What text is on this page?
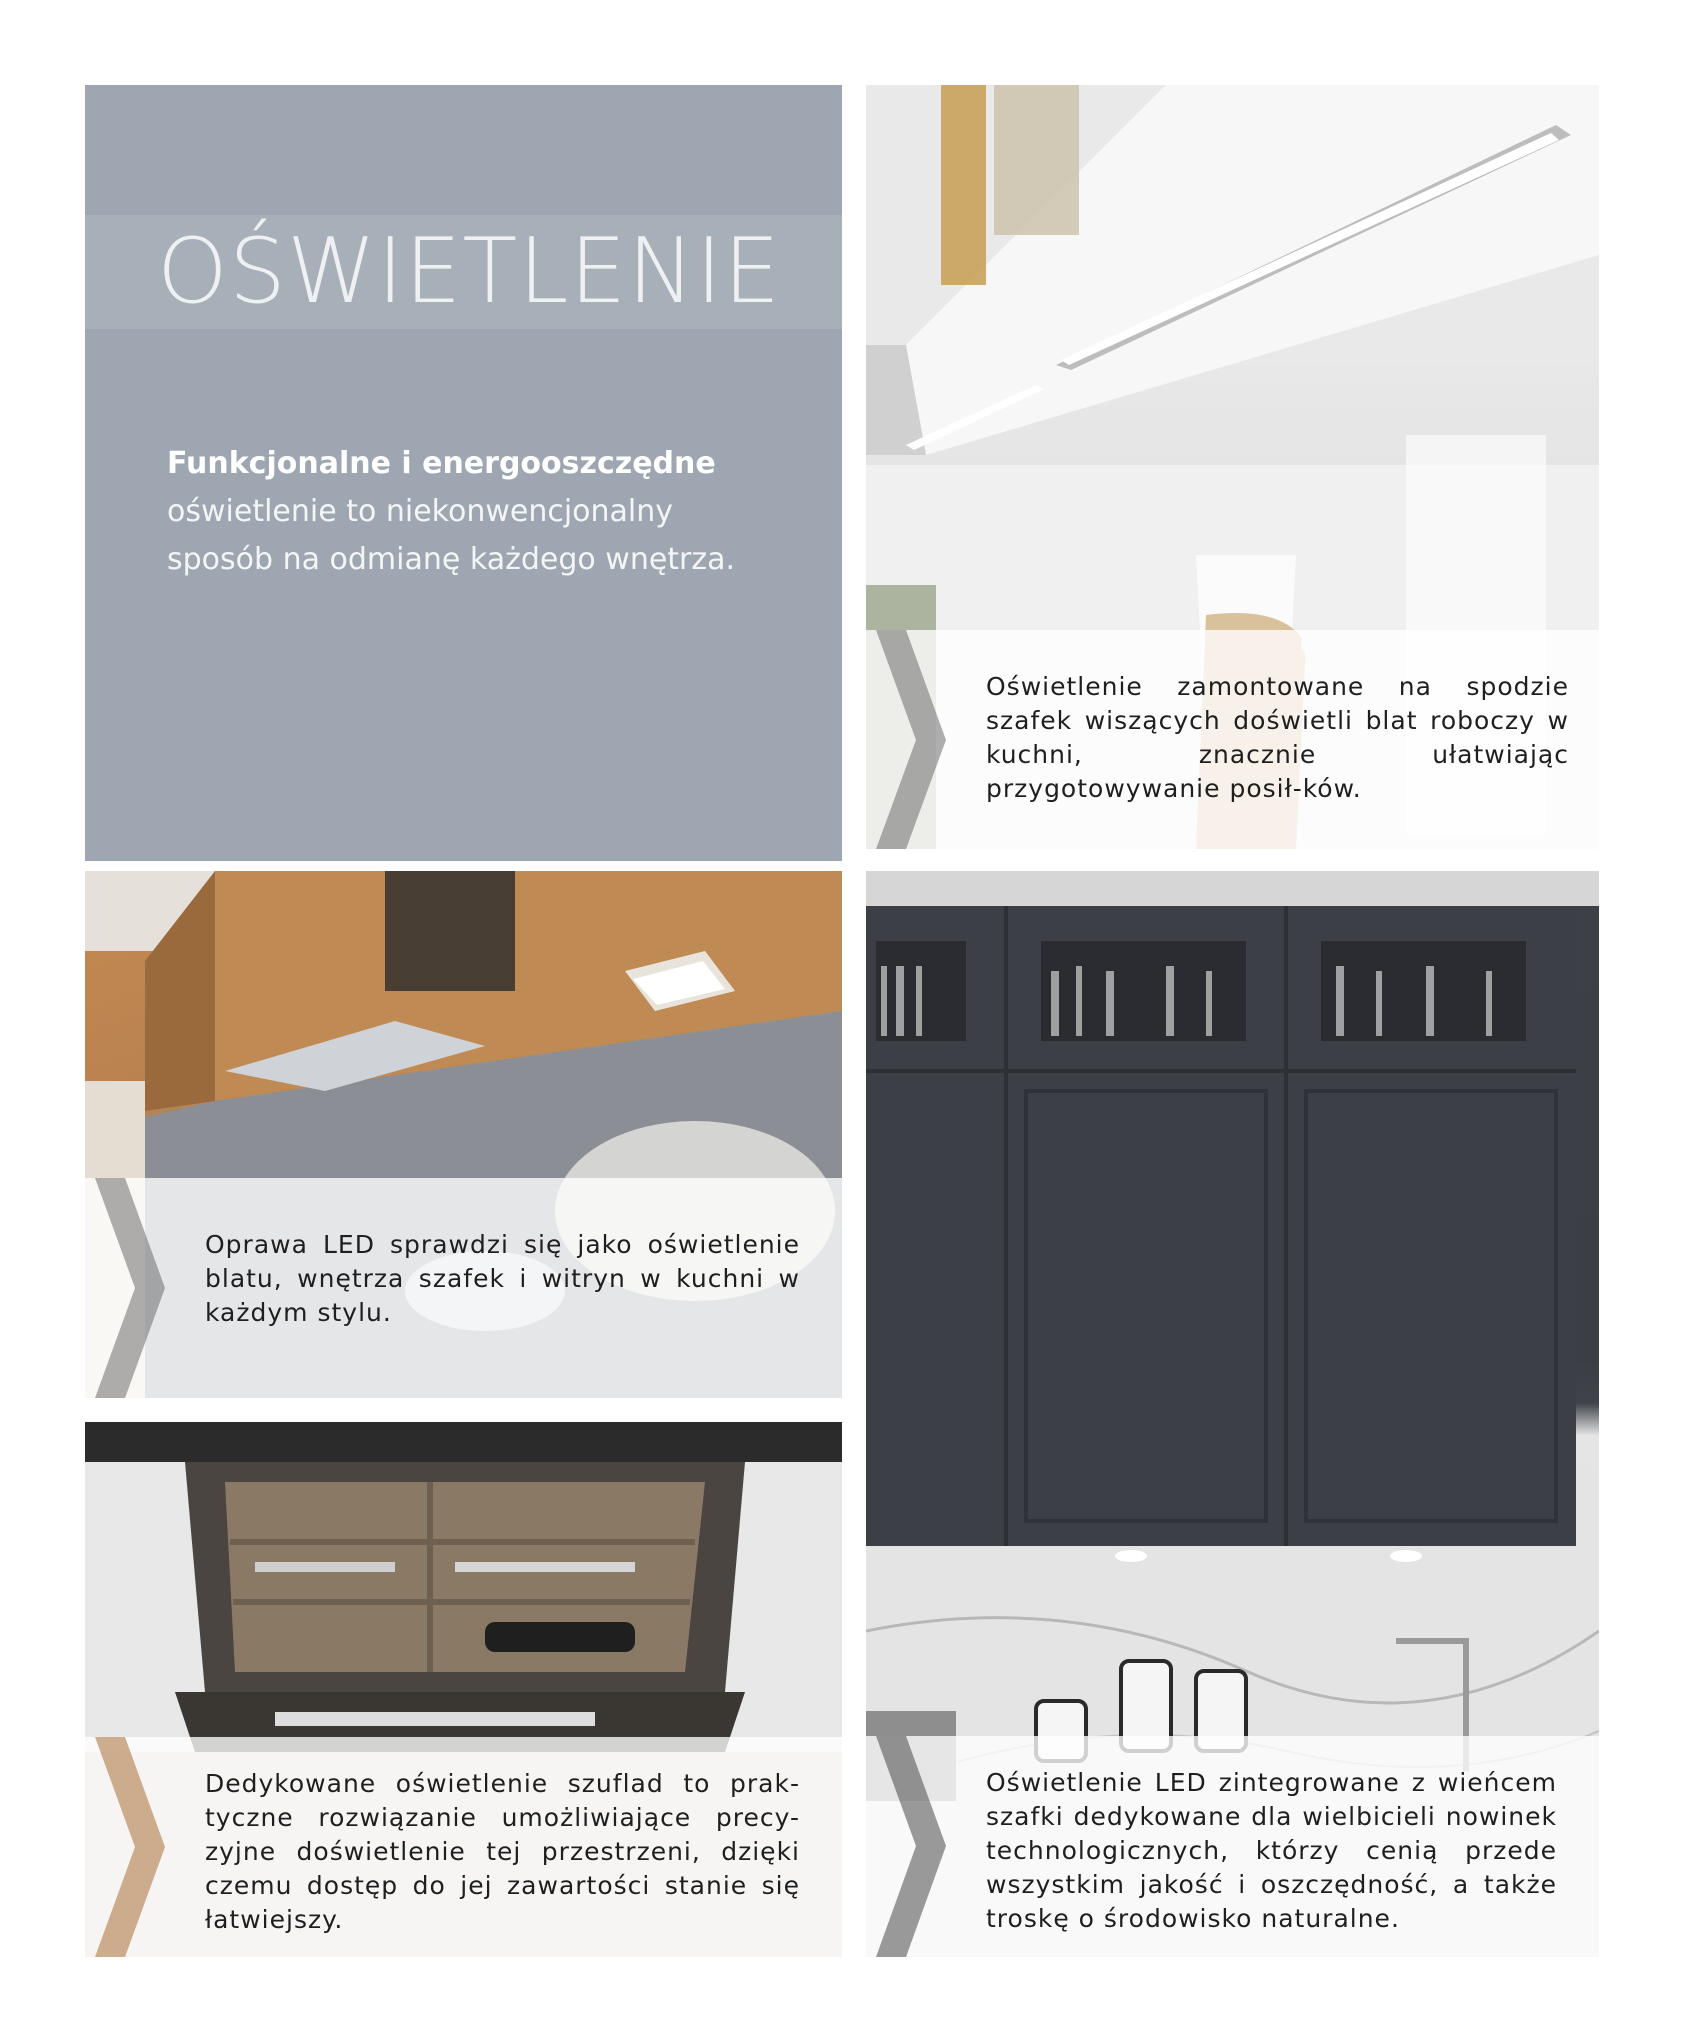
OŚWIETLENIE
Funkcjonalne i energooszczędne oświetlenie to niekonwencjonalny sposób na odmianę każdego wnętrza.
Oświetlenie zamontowane na spodzie szafek wiszących doświetli blat roboczy w kuchni, znacznie ułatwiając przygotowywanie posił-ków.
Oprawa LED sprawdzi się jako oświetlenie blatu, wnętrza szafek i witryn w kuchni w każdym stylu.
Dedykowane oświetlenie szuflad to prak-tyczne rozwiązanie umożliwiające precy-zyjne doświetlenie tej przestrzeni, dzięki czemu dostęp do jej zawartości stanie się łatwiejszy.
Oświetlenie LED zintegrowane z wieńcem szafki dedykowane dla wielbicieli nowinek technologicznych, którzy cenią przede wszystkim jakość i oszczędność, a także troskę o środowisko naturalne.
